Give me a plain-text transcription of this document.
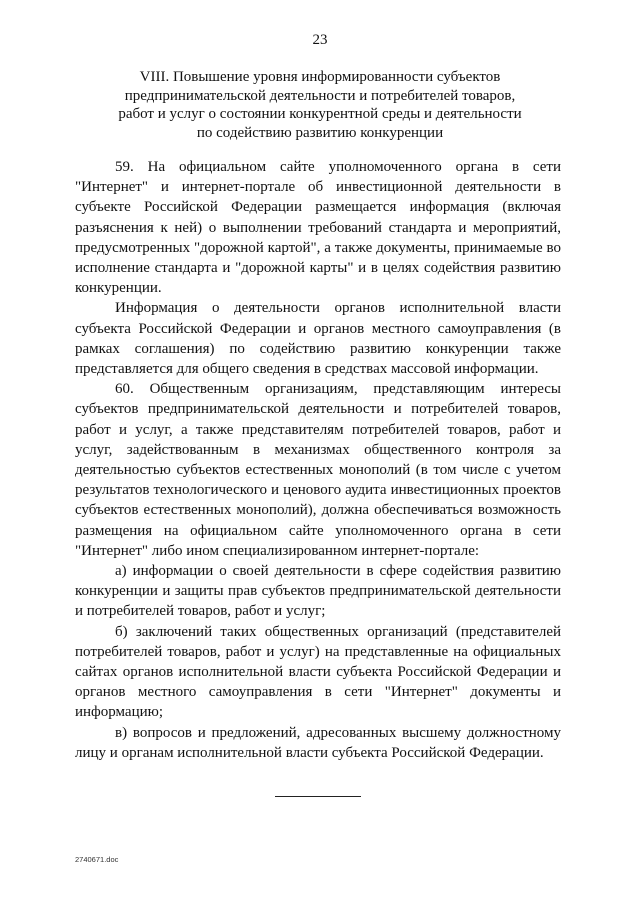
23
VIII. Повышение уровня информированности субъектов
предпринимательской деятельности и потребителей товаров,
работ и услуг о состоянии конкурентной среды и деятельности
по содействию развитию конкуренции

59. На официальном сайте уполномоченного органа в сети "Интернет" и интернет-портале об инвестиционной деятельности в субъекте Российской Федерации размещается информация (включая разъяснения к ней) о выполнении требований стандарта и мероприятий, предусмотренных "дорожной картой", а также документы, принимаемые во исполнение стандарта и "дорожной карты" и в целях содействия развитию конкуренции.

Информация о деятельности органов исполнительной власти субъекта Российской Федерации и органов местного самоуправления (в рамках соглашения) по содействию развитию конкуренции также представляется для общего сведения в средствах массовой информации.

60. Общественным организациям, представляющим интересы субъектов предпринимательской деятельности и потребителей товаров, работ и услуг, а также представителям потребителей товаров, работ и услуг, задействованным в механизмах общественного контроля за деятельностью субъектов естественных монополий (в том числе с учетом результатов технологического и ценового аудита инвестиционных проектов субъектов естественных монополий), должна обеспечиваться возможность размещения на официальном сайте уполномоченного органа в сети "Интернет" либо ином специализированном интернет-портале:

а) информации о своей деятельности в сфере содействия развитию конкуренции и защиты прав субъектов предпринимательской деятельности и потребителей товаров, работ и услуг;

б) заключений таких общественных организаций (представителей потребителей товаров, работ и услуг) на представленные на официальных сайтах органов исполнительной власти субъекта Российской Федерации и органов местного самоуправления в сети "Интернет" документы и информацию;

в) вопросов и предложений, адресованных высшему должностному лицу и органам исполнительной власти субъекта Российской Федерации.

2740671.doc
